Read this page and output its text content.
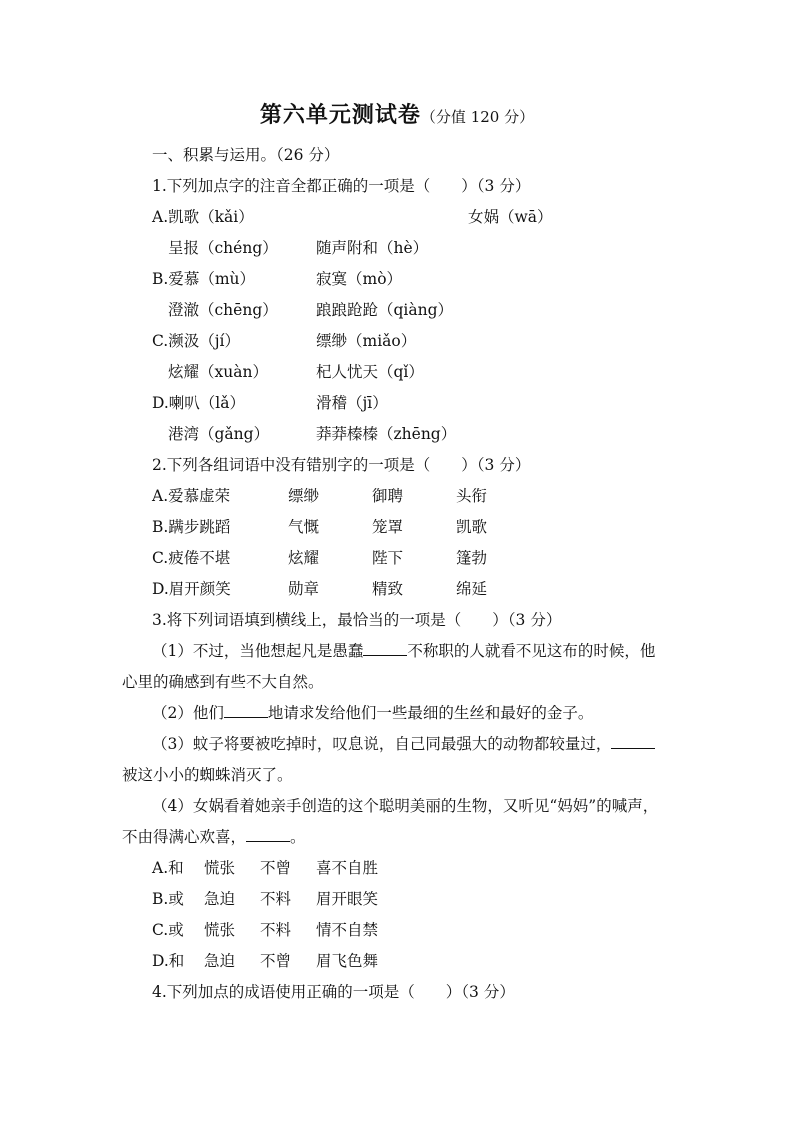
第六单元测试卷（分值 120 分）
一、积累与运用。（26 分）
1.下列加点字的注音全都正确的一项是（　　）（3 分）
A.凯歌（kǎi）	女娲（wā）
呈报（chéng） 随声附和（hè）
B.爱慕（mù）	寂寞（mò）
澄澈（chēng） 踉踉跄跄（qiàng）
C.濒汲（jí）	缥缈（miǎo）
炫耀（xuàn）	杞人忧天（qǐ）
D.喇叭（lǎ）	滑稽（jī）
港湾（gǎng）	莽莽榛榛（zhēng）
2.下列各组词语中没有错别字的一项是（　　）（3 分）
A.爱慕虚荣	缥缈	御聘	头衔
B.蹒步跳蹈	气慨	笼罩	凯歌
C.疲倦不堪	炫耀	陛下	篷勃
D.眉开颜笑	勋章	精致	绵延
3.将下列词语填到横线上，最恰当的一项是（　　）（3 分）
（1）不过，当他想起凡是愚蠢	不称职的人就看不见这布的时候，他
心里的确感到有些不大自然。
（2）他们	地请求发给他们一些最细的生丝和最好的金子。
（3）蚊子将要被吃掉时，叹息说，自己同最强大的动物都较量过，
被这小小的蜘蛛消灭了。
（4）女娲看着她亲手创造的这个聪明美丽的生物，又听见“妈妈”的喊声，
不由得满心欢喜，	。
A.和 慌张 不曾 喜不自胜
B.或 急迫 不料 眉开眼笑
C.或 慌张 不料 情不自禁
D.和 急迫 不曾 眉飞色舞
4.下列加点的成语使用正确的一项是（　　）（3 分）
